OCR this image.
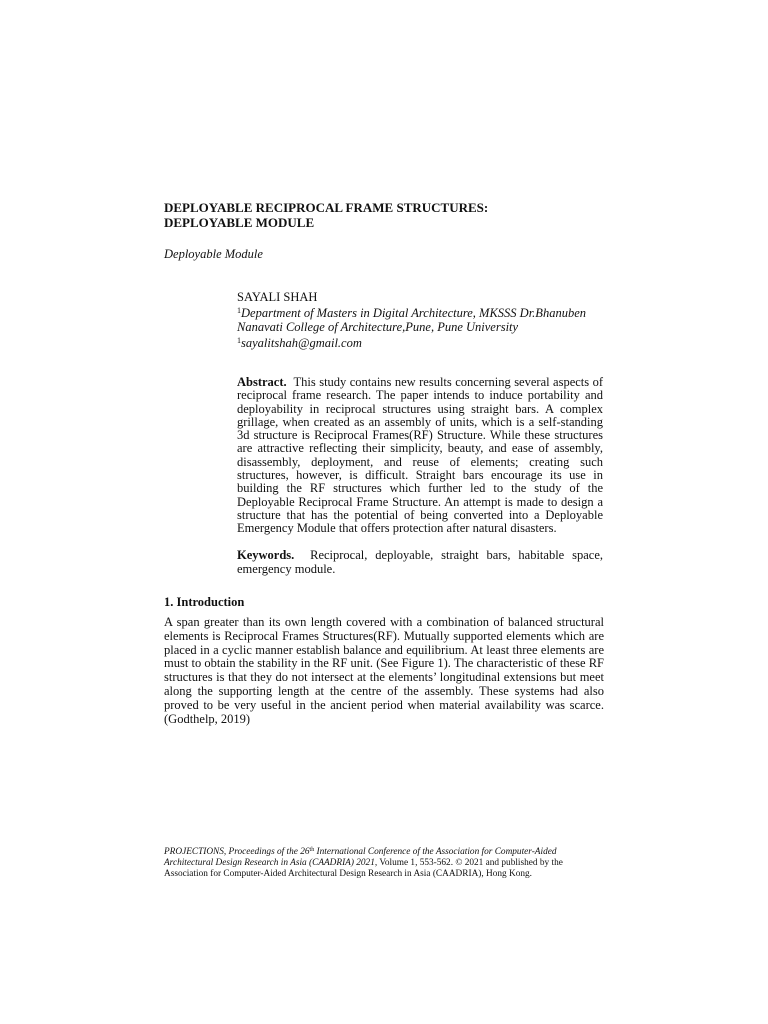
DEPLOYABLE RECIPROCAL FRAME STRUCTURES:
DEPLOYABLE MODULE

Deployable Module

SAYALI SHAH
$^1$Department of Masters in Digital Architecture, MKSSS Dr.Bhanuben
Nanavati College of Architecture,Pune, Pune University
$^1$sayalitshah@gmail.com

Abstract. This study contains new results concerning several aspects of reciprocal frame research. The paper intends to induce portability and deployability in reciprocal structures using straight bars. A complex grillage, when created as an assembly of units, which is a self-standing 3d structure is Reciprocal Frames(RF) Structure. While these structures are attractive reflecting their simplicity, beauty, and ease of assembly, disassembly, deployment, and reuse of elements; creating such structures, however, is difficult. Straight bars encourage its use in building the RF structures which further led to the study of the Deployable Reciprocal Frame Structure. An attempt is made to design a structure that has the potential of being converted into a Deployable Emergency Module that offers protection after natural disasters.

Keywords. Reciprocal, deployable, straight bars, habitable space, emergency module.

1. Introduction

A span greater than its own length covered with a combination of balanced structural elements is Reciprocal Frames Structures(RF). Mutually supported elements which are placed in a cyclic manner establish balance and equilibrium. At least three elements are must to obtain the stability in the RF unit. (See Figure 1). The characteristic of these RF structures is that they do not intersect at the elements’ longitudinal extensions but meet along the supporting length at the centre of the assembly. These systems had also proved to be very useful in the ancient period when material availability was scarce. (Godthelp, 2019)

PROJECTIONS, Proceedings of the 26th International Conference of the Association for Computer-Aided Architectural Design Research in Asia (CAADRIA) 2021, Volume 1, 553-562. © 2021 and published by the Association for Computer-Aided Architectural Design Research in Asia (CAADRIA), Hong Kong.
